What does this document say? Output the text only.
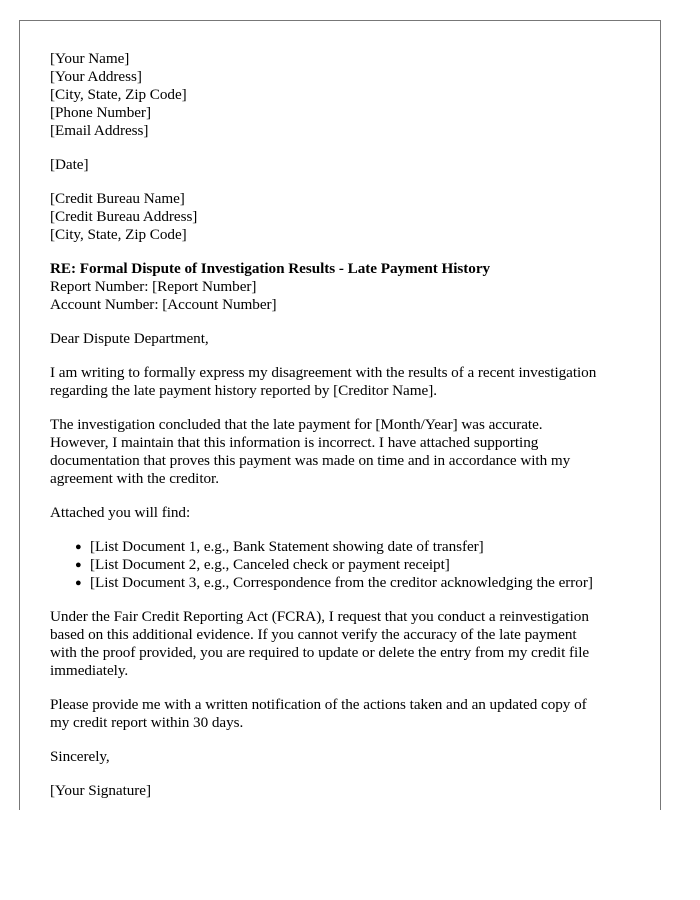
[Your Name]
[Your Address]
[City, State, Zip Code]
[Phone Number]
[Email Address]
[Date]
[Credit Bureau Name]
[Credit Bureau Address]
[City, State, Zip Code]
RE: Formal Dispute of Investigation Results - Late Payment History
Report Number: [Report Number]
Account Number: [Account Number]
Dear Dispute Department,
I am writing to formally express my disagreement with the results of a recent investigation
regarding the late payment history reported by [Creditor Name].
The investigation concluded that the late payment for [Month/Year] was accurate.
However, I maintain that this information is incorrect. I have attached supporting
documentation that proves this payment was made on time and in accordance with my
agreement with the creditor.
Attached you will find:
● [List Document 1, e.g., Bank Statement showing date of transfer]
● [List Document 2, e.g., Canceled check or payment receipt]
● [List Document 3, e.g., Correspondence from the creditor acknowledging the error]
Under the Fair Credit Reporting Act (FCRA), I request that you conduct a reinvestigation
based on this additional evidence. If you cannot verify the accuracy of the late payment
with the proof provided, you are required to update or delete the entry from my credit file
immediately.
Please provide me with a written notification of the actions taken and an updated copy of
my credit report within 30 days.
Sincerely,
[Your Signature]
